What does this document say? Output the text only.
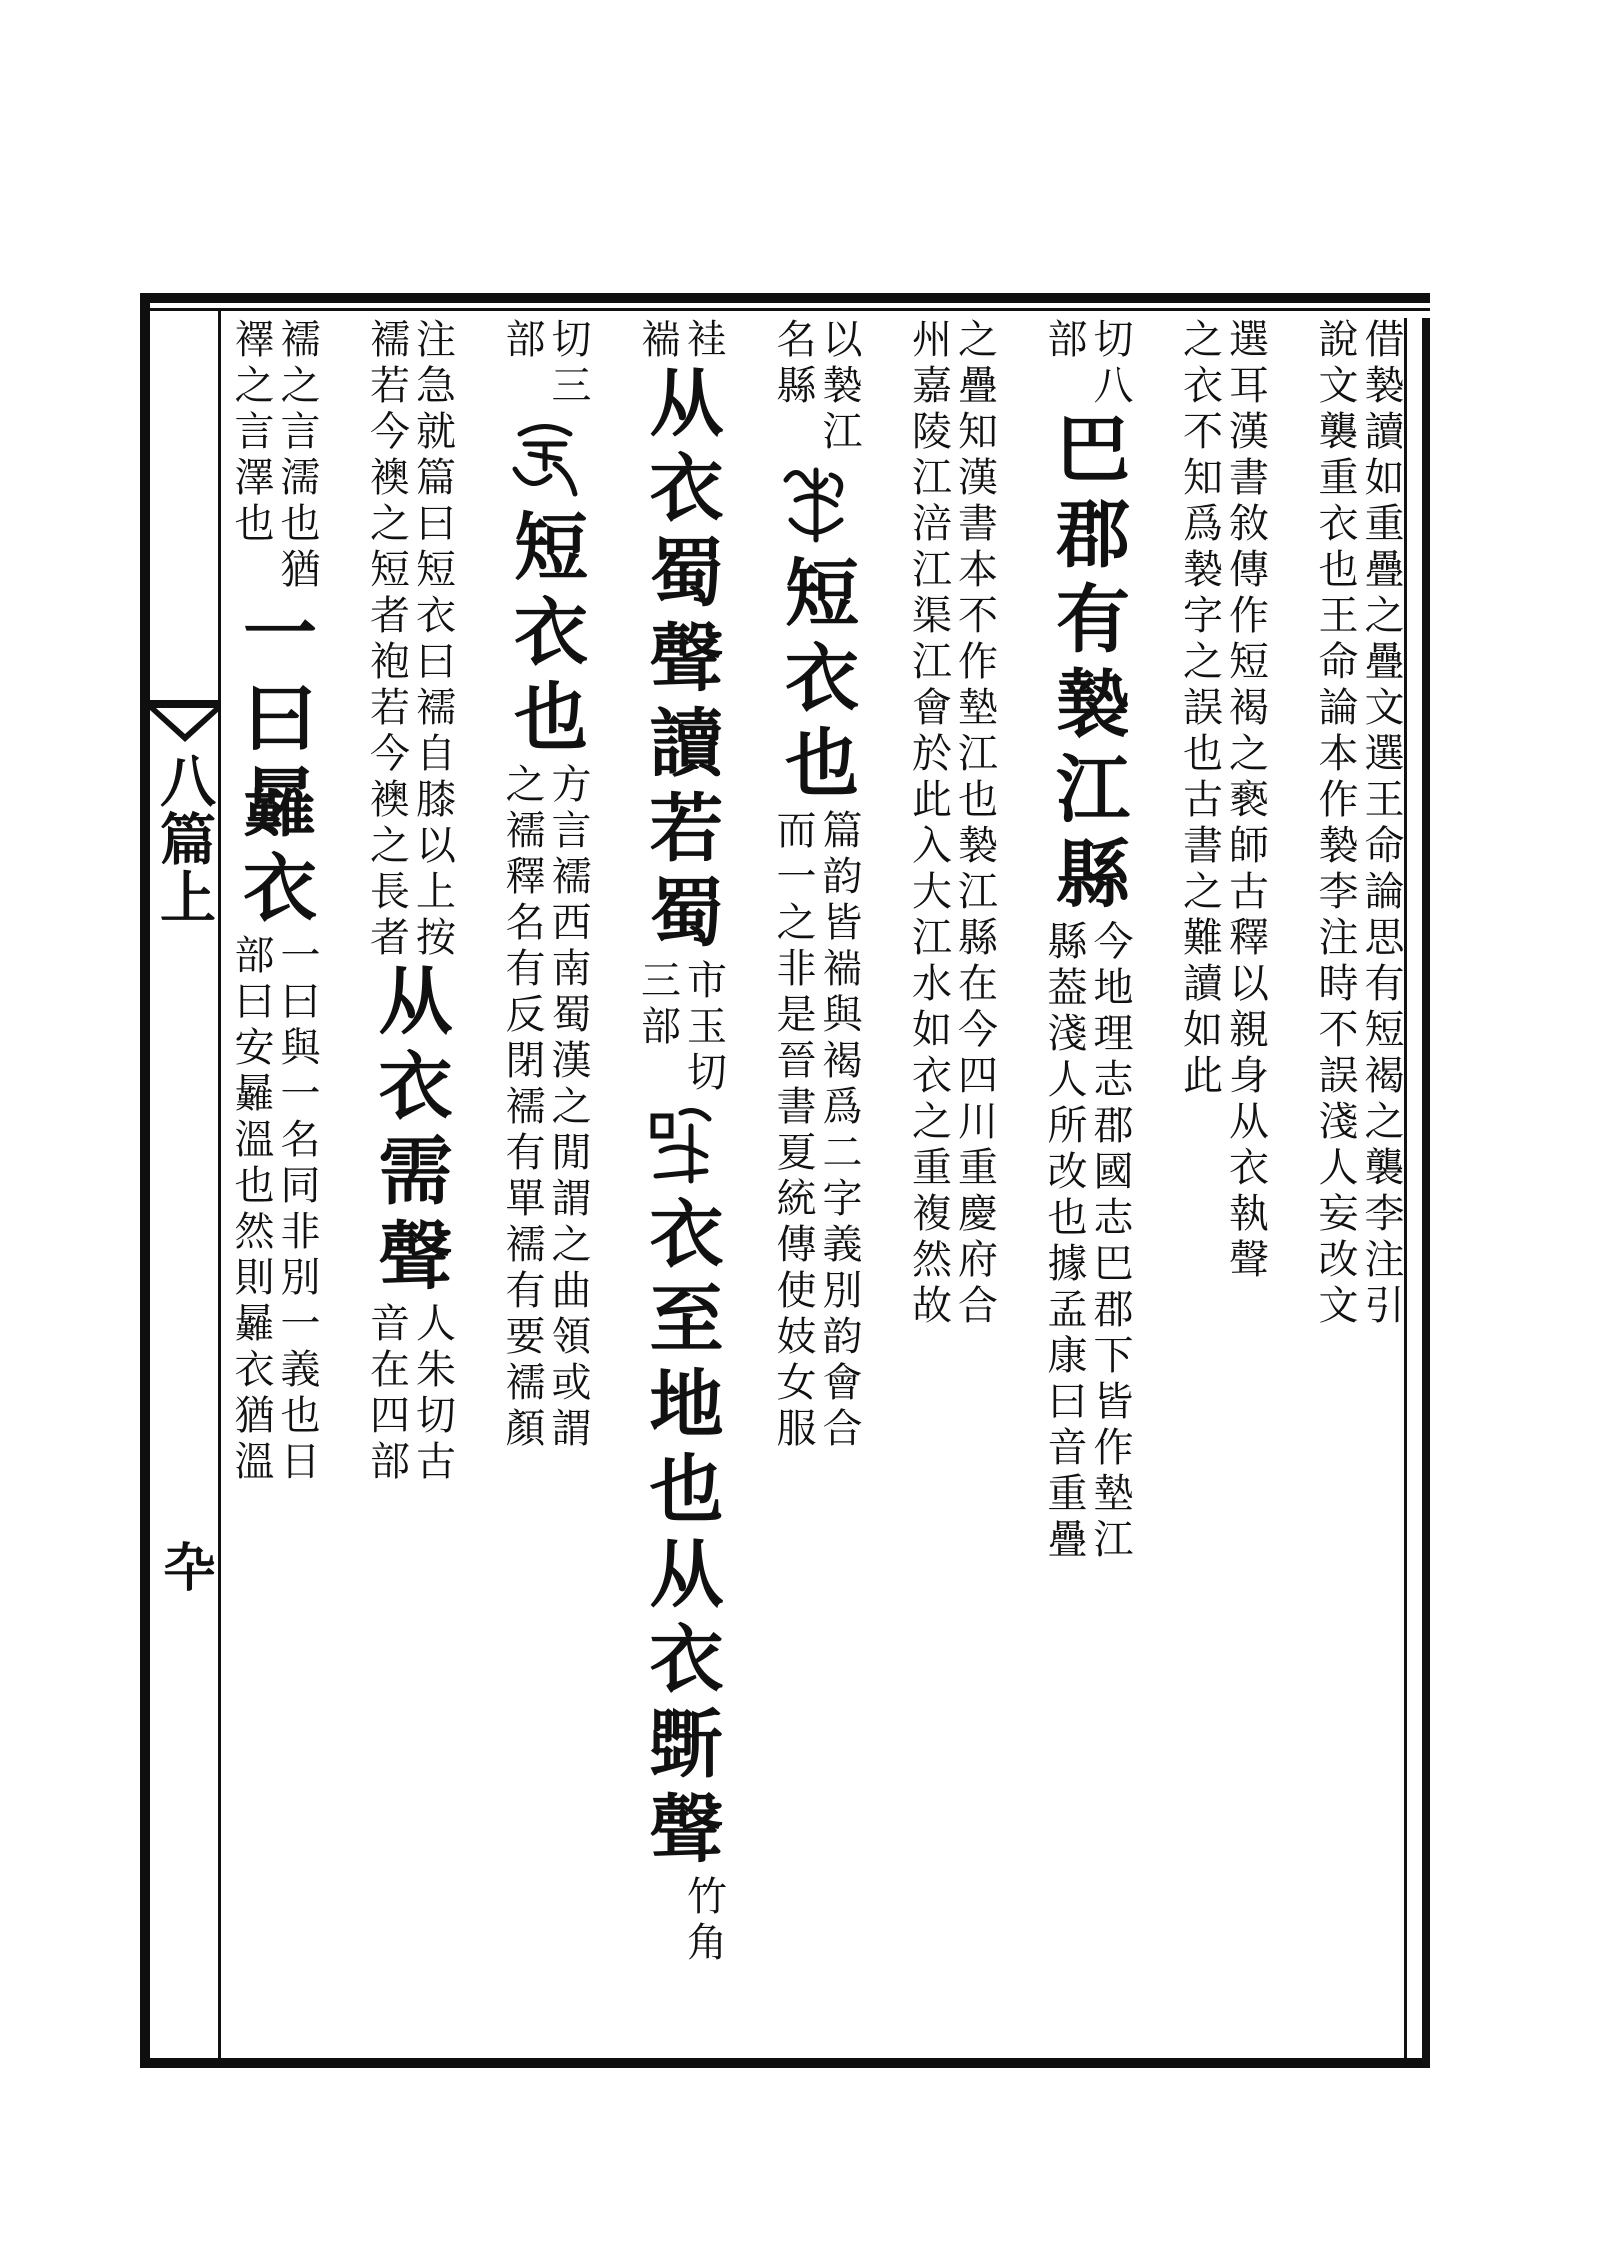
八篇上
卆
借褺讀如重疊之疊文選王命論思有短褐之襲李注引
說文襲重衣也王命論本作褺李注時不誤淺人妄改文
選耳漢書敘傳作短褐之褻師古釋以親身从衣執聲
之衣不知爲褺字之誤也古書之難讀如此
切
部
八
巴郡有褺江縣
今地理志郡國志巴郡下皆作墊江
縣葢淺人所改也據孟康曰音重疊
之疊知漢書本不作墊江也褺江縣在今四川重慶府合
州嘉陵江涪江渠江會於此入大江水如衣之重複然故
以褺江
名縣
短衣也
篇韵皆褍與褐爲二字義別韵會合
而一之非是晉書夏統傳使妓女服
袿
褍
从衣蜀聲讀若蜀
市玉切
三部
衣至地也从衣斲聲
竹角
切
部
三
短衣也
方言襦西南蜀漢之閒謂之曲領或謂
之襦釋名有反閉襦有單襦有要襦顏
注急就篇曰短衣曰襦自膝以上按
襦若今襖之短者袍若今襖之長者
从衣需聲
人朱切古
音在四部
襦之言濡也
襗之言澤也
猶
一曰㬮衣
一曰與一名同非別一義也日
部曰安㬮溫也然則㬮衣猶溫
